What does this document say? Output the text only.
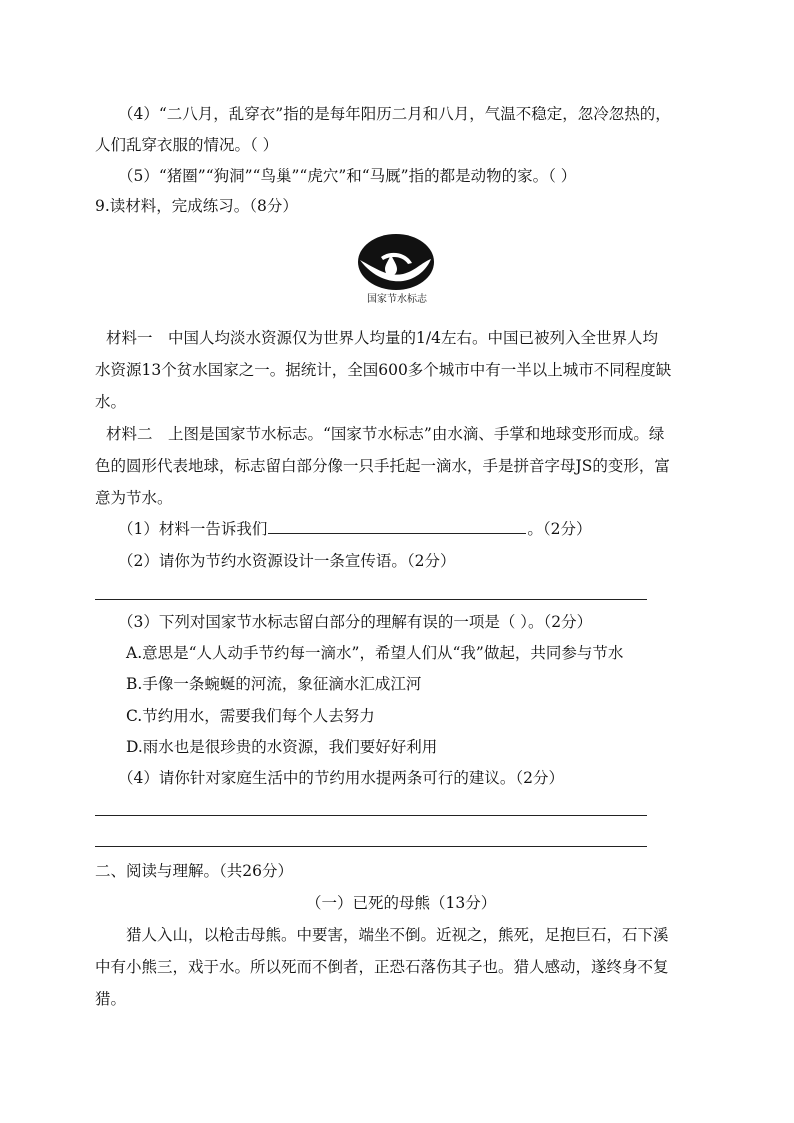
（4）“二八月，乱穿衣”指的是每年阳历二月和八月，气温不稳定，忽冷忽热的，
人们乱穿衣服的情况。（ ）
（5）“猪圈”“狗洞”“鸟巢”“虎穴”和“马厩”指的都是动物的家。（ ）
9.读材料，完成练习。（8分）
国家节水标志
材料一　中国人均淡水资源仅为世界人均量的1/4左右。中国已被列入全世界人均
水资源13个贫水国家之一。据统计，全国600多个城市中有一半以上城市不同程度缺
水。
材料二　上图是国家节水标志。“国家节水标志”由水滴、手掌和地球变形而成。绿
色的圆形代表地球，标志留白部分像一只手托起一滴水，手是拼音字母JS的变形，富
意为节水。
（1）材料一告诉我们	。（2分）
（2）请你为节约水资源设计一条宣传语。（2分）
（3）下列对国家节水标志留白部分的理解有误的一项是（ ）。（2分）
A.意思是“人人动手节约每一滴水”，希望人们从“我”做起，共同参与节水
B.手像一条蜿蜒的河流，象征滴水汇成江河
C.节约用水，需要我们每个人去努力
D.雨水也是很珍贵的水资源，我们要好好利用
（4）请你针对家庭生活中的节约用水提两条可行的建议。（2分）
二、阅读与理解。（共26分）
（一）已死的母熊（13分）
猎人入山，以枪击母熊。中要害，端坐不倒。近视之，熊死，足抱巨石，石下溪
中有小熊三，戏于水。所以死而不倒者，正恐石落伤其子也。猎人感动，遂终身不复
猎。
